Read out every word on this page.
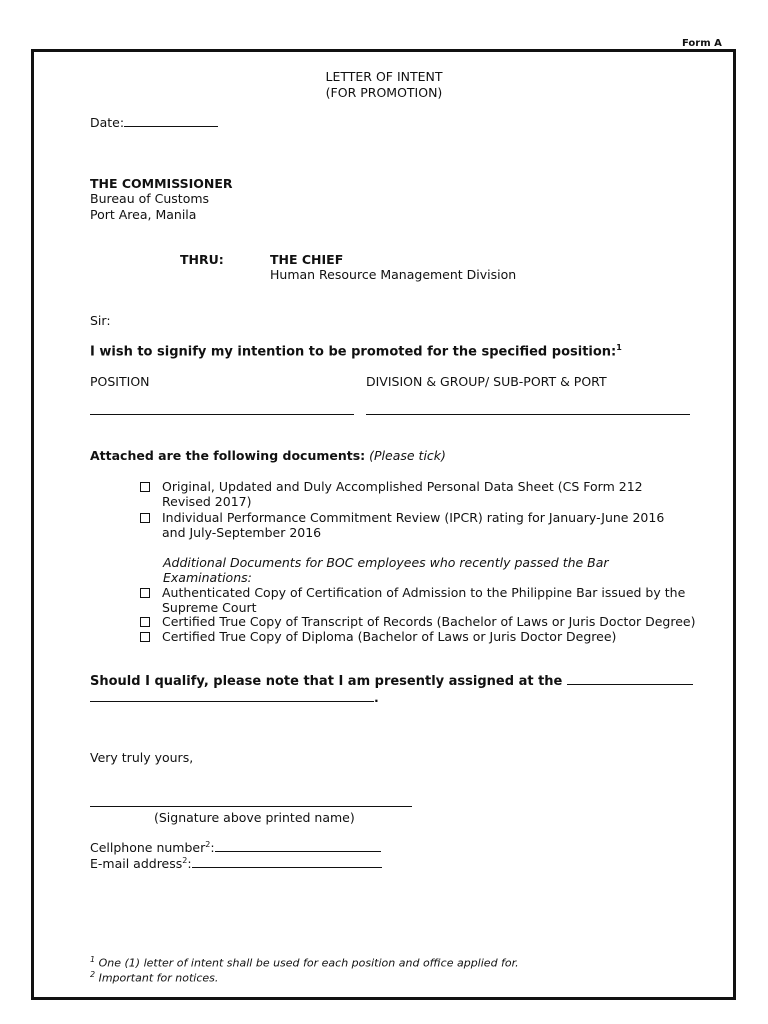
Form A
LETTER OF INTENT
(FOR PROMOTION)
Date:
THE COMMISSIONER
Bureau of Customs
Port Area, Manila
THRU:	THE CHIEF
Human Resource Management Division
Sir:
I wish to signify my intention to be promoted for the specified position:$^1$
POSITION	DIVISION & GROUP/ SUB-PORT & PORT
Attached are the following documents: (Please tick)
Original, Updated and Duly Accomplished Personal Data Sheet (CS Form 212
Revised 2017)
Individual Performance Commitment Review (IPCR) rating for January-June 2016
and July-September 2016
Additional Documents for BOC employees who recently passed the Bar
Examinations:
Authenticated Copy of Certification of Admission to the Philippine Bar issued by the
Supreme Court
Certified True Copy of Transcript of Records (Bachelor of Laws or Juris Doctor Degree)
Certified True Copy of Diploma (Bachelor of Laws or Juris Doctor Degree)
Should I qualify, please note that I am presently assigned at the
.
Very truly yours,
(Signature above printed name)
Cellphone number$^2$:
E-mail address$^2$:
$^1$ One (1) letter of intent shall be used for each position and office applied for.
$^2$ Important for notices.
